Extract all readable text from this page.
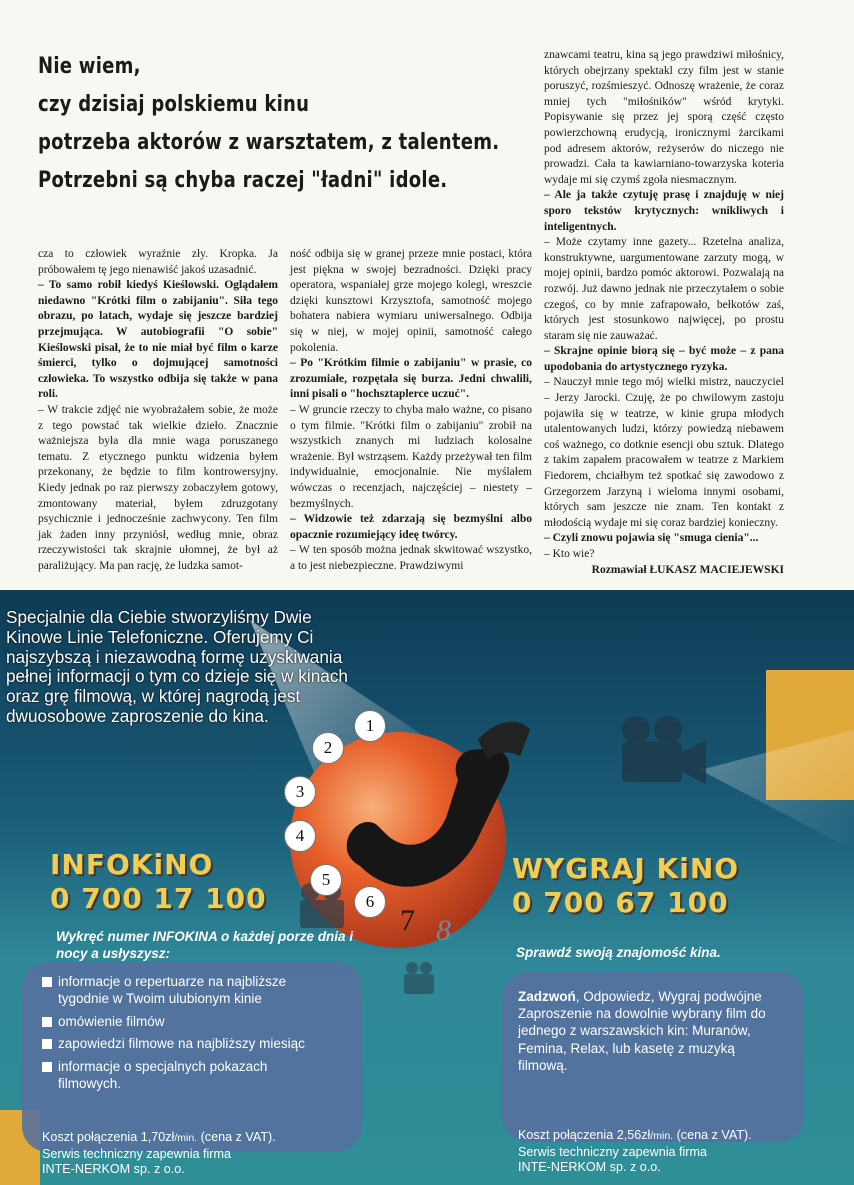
Nie wiem,
czy dzisiaj polskiemu kinu
potrzeba aktorów z warsztatem, z talentem.
Potrzebni są chyba raczej "ładni" idole.

cza to człowiek wyraźnie zły. Kropka. Ja próbowałem tę jego nienawiść jakoś uzasadnić.

– To samo robił kiedyś Kieślowski. Oglądałem niedawno "Krótki film o zabijaniu". Siła tego obrazu, po latach, wydaje się jeszcze bardziej przejmująca. W autobiografii "O sobie" Kieślowski pisał, że to nie miał być film o karze śmierci, tylko o dojmującej samotności człowieka. To wszystko odbija się także w pana roli.

– W trakcie zdjęć nie wyobrażałem sobie, że może z tego powstać tak wielkie dzieło. Znacznie ważniejsza była dla mnie waga poruszanego tematu. Z etycznego punktu widzenia byłem przekonany, że będzie to film kontrowersyjny. Kiedy jednak po raz pierwszy zobaczyłem gotowy, zmontowany materiał, byłem zdruzgotany psychicznie i jednocześnie zachwycony. Ten film jak żaden inny przyniósł, według mnie, obraz rzeczywistości tak skrajnie ułomnej, że był aż paraliżujący. Ma pan rację, że ludzka samot-

ność odbija się w granej przeze mnie postaci, która jest piękna w swojej bezradności. Dzięki pracy operatora, wspaniałej grze mojego kolegi, wreszcie dzięki kunsztowi Krzysztofa, samotność mojego bohatera nabiera wymiaru uniwersalnego. Odbija się w niej, w mojej opinii, samotność całego pokolenia.

– Po "Krótkim filmie o zabijaniu" w prasie, co zrozumiałe, rozpętała się burza. Jedni chwalili, inni pisali o "hochsztaplerce uczuć".

– W gruncie rzeczy to chyba mało ważne, co pisano o tym filmie. "Krótki film o zabijaniu" zrobił na wszystkich znanych mi ludziach kolosalne wrażenie. Był wstrząsem. Każdy przeżywał ten film indywidualnie, emocjonalnie. Nie myślałem wówczas o recenzjach, najczęściej – niestety – bezmyślnych.

– Widzowie też zdarzają się bezmyślni albo opacznie rozumiejący ideę twórcy.

– W ten sposób można jednak skwitować wszystko, a to jest niebezpieczne. Prawdziwymi

znawcami teatru, kina są jego prawdziwi miłośnicy, których obejrzany spektakl czy film jest w stanie poruszyć, rozśmieszyć. Odnoszę wrażenie, że coraz mniej tych "miłośników" wśród krytyki. Popisywanie się przez jej sporą część często powierzchowną erudycją, ironicznymi żarcikami pod adresem aktorów, reżyserów do niczego nie prowadzi. Cała ta kawiarniano-towarzyska koteria wydaje mi się czymś zgoła niesmacznym.

– Ale ja także czytuję prasę i znajduję w niej sporo tekstów krytycznych: wnikliwych i inteligentnych.

– Może czytamy inne gazety... Rzetelna analiza, konstruktywne, uargumentowane zarzuty mogą, w mojej opinii, bardzo pomóc aktorowi. Pozwalają na rozwój. Już dawno jednak nie przeczytałem o sobie czegoś, co by mnie zafrapowało, bełkotów zaś, których jest stosunkowo najwięcej, po prostu staram się nie zauważać.

– Skrajne opinie biorą się – być może – z pana upodobania do artystycznego ryzyka.

– Nauczył mnie tego mój wielki mistrz, nauczyciel – Jerzy Jarocki. Czuję, że po chwilowym zastoju pojawiła się w teatrze, w kinie grupa młodych utalentowanych ludzi, którzy powiedzą niebawem coś ważnego, co dotknie esencji obu sztuk. Dlatego z takim zapałem pracowałem w teatrze z Markiem Fiedorem, chciałbym też spotkać się zawodowo z Grzegorzem Jarzyną i wieloma innymi osobami, których sam jeszcze nie znam. Ten kontakt z młodością wydaje mi się coraz bardziej konieczny.

– Czyli znowu pojawia się "smuga cienia"...

– Kto wie?

Rozmawiał ŁUKASZ MACIEJEWSKI

Specjalnie dla Ciebie stworzyliśmy Dwie Kinowe Linie Telefoniczne. Oferujemy Ci najszybszą i niezawodną formę uzyskiwania pełnej informacji o tym co dzieje się w kinach oraz grę filmową, w której nagrodą jest dwuosobowe zaproszenie do kina.	1
2
3
4
5
6
7 8
INFOKiNO
0 700 17 100
Wykręć numer INFOKINA o każdej porze dnia i nocy a usłyszysz:
informacje o repertuarze na najbliższe tygodnie w Twoim ulubionym kinie
omówienie filmów
zapowiedzi filmowe na najbliższy miesiąc
informacje o specjalnych pokazach filmowych.
Koszt połączenia 1,70zł/min. (cena z VAT).
Serwis techniczny zapewnia firma
INTE-NERKOM sp. z o.o.
WYGRAJ KiNO
0 700 67 100
Sprawdź swoją znajomość kina.
Zadzwoń, Odpowiedz, Wygraj podwójne Zaproszenie na dowolnie wybrany film do jednego z warszawskich kin: Muranów, Femina, Relax, lub kasetę z muzyką filmową.
Koszt połączenia 2,56zł/min. (cena z VAT).
Serwis techniczny zapewnia firma
INTE-NERKOM sp. z o.o.
